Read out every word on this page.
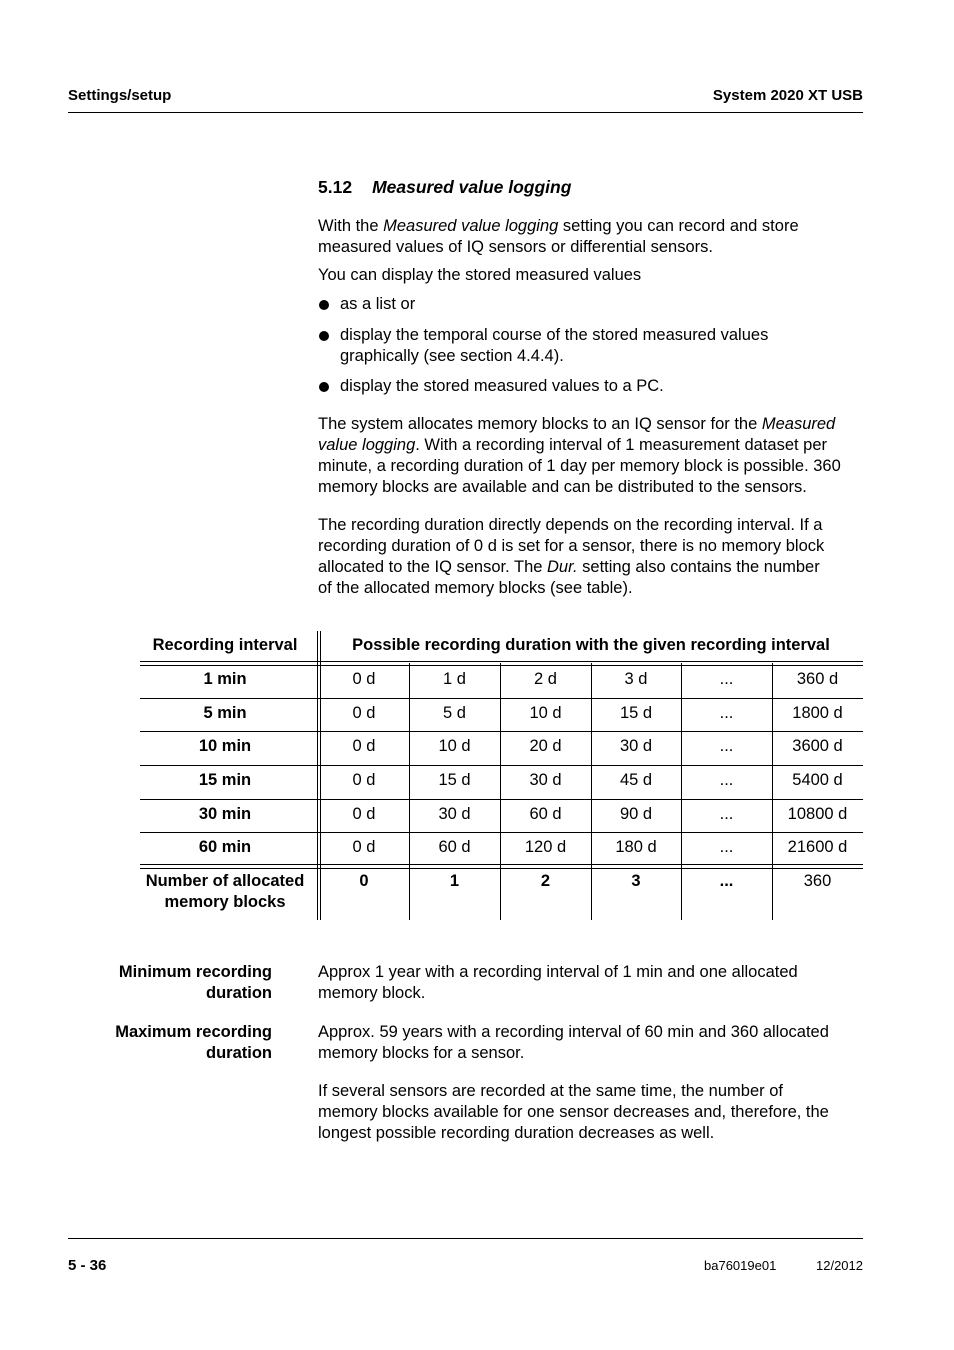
Settings/setup	System 2020 XT USB
5.12 Measured value logging
With the Measured value logging setting you can record and store
measured values of IQ sensors or differential sensors.
You can display the stored measured values
as a list or
display the temporal course of the stored measured values
graphically (see section 4.4.4).
display the stored measured values to a PC.
The system allocates memory blocks to an IQ sensor for the Measured
value logging. With a recording interval of 1 measurement dataset per
minute, a recording duration of 1 day per memory block is possible. 360
memory blocks are available and can be distributed to the sensors.
The recording duration directly depends on the recording interval. If a
recording duration of 0 d is set for a sensor, there is no memory block
allocated to the IQ sensor. The Dur. setting also contains the number
of the allocated memory blocks (see table).
Recording interval	Possible recording duration with the given recording interval
1 min	0 d	1 d	2 d	3 d	...	360 d
5 min	0 d	5 d	10 d	15 d	...	1800 d
10 min	0 d	10 d	20 d	30 d	...	3600 d
15 min	0 d	15 d	30 d	45 d	...	5400 d
30 min	0 d	30 d	60 d	90 d	...	10800 d
60 min	0 d	60 d	120 d	180 d	...	21600 d
Number of allocated
memory blocks
0	1	2	3	...	360
Minimum recording
duration
Approx 1 year with a recording interval of 1 min and one allocated
memory block.
Maximum recording
duration
Approx. 59 years with a recording interval of 60 min and 360 allocated
memory blocks for a sensor.
If several sensors are recorded at the same time, the number of
memory blocks available for one sensor decreases and, therefore, the
longest possible recording duration decreases as well.
5 - 36	ba76019e01	12/2012
